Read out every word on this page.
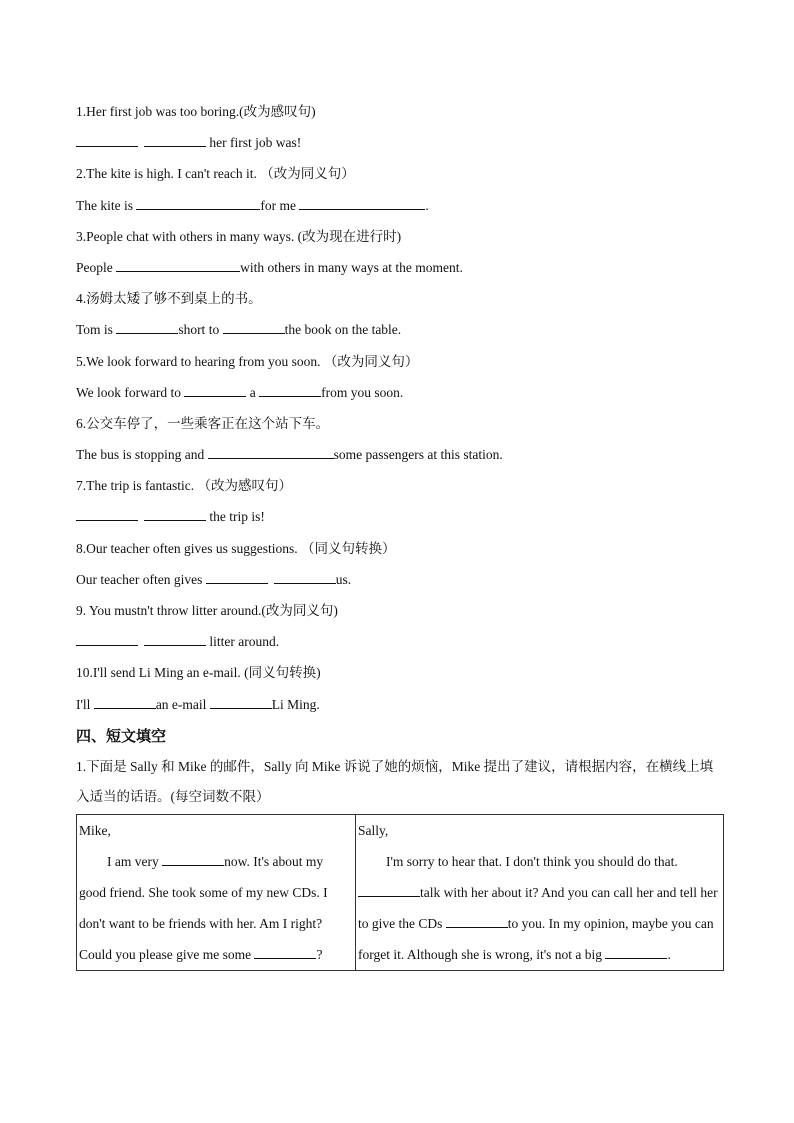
1.Her first job was too boring.(改为感叹句)
her first job was!
2.The kite is high. I can't reach it. （改为同义句）
The kite is	for me	.
3.People chat with others in many ways. (改为现在进行时)
People	with others in many ways at the moment.
4.汤姆太矮了够不到桌上的书。
Tom is	short to	the book on the table.
5.We look forward to hearing from you soon. （改为同义句）
We look forward to	a	from you soon.
6.公交车停了，一些乘客正在这个站下车。
The bus is stopping and	some passengers at this station.
7.The trip is fantastic. （改为感叹句）
the trip is!
8.Our teacher often gives us suggestions. （同义句转换）
Our teacher often gives	us.
9. You mustn't throw litter around.(改为同义句)
litter around.
10.I'll send Li Ming an e-mail. (同义句转换)
I'll	an e-mail	Li Ming.
四、短文填空
1.下面是 Sally 和 Mike 的邮件，Sally 向 Mike 诉说了她的烦恼，Mike 提出了建议，请根据内容，在横线上填入适当的话语。(每空词数不限）
Mike,
I am very	now. It's about my good friend. She took some of my new CDs. I don't want to be friends with her. Am I right? Could you please give me some	?

Sally,
I'm sorry to hear that. I don't think you should do that. talk with her about it? And you can call her and tell her to give the CDs	to you. In my opinion, maybe you can forget it. Although she is wrong, it's not a big	.
